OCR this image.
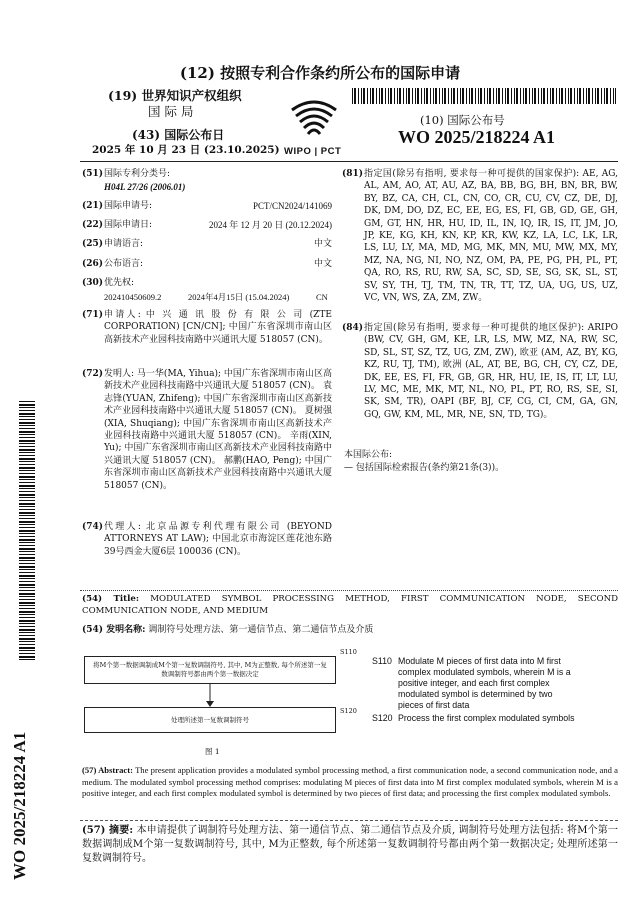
(12) 按照专利合作条约所公布的国际申请
(19) 世界知识产权组织
国 际 局
(43) 国际公布日
2025 年 10 月 23 日 (23.10.2025) WIPO | PCT
(10) 国际公布号
WO 2025/218224 A1
WO 2025/218224 A1
(51) 国际专利分类号:
H04L 27/26 (2006.01)
(21) 国际申请号:	PCT/CN2024/141069
(22) 国际申请日:	2024 年 12 月 20 日 (20.12.2024)
(25) 申请语言:	中文
(26) 公布语言:	中文
(30) 优先权:
202410450609.2	2024年4月15日 (15.04.2024)	CN
(71) 申请人: 中 兴 通 讯 股 份 有 限 公 司 (ZTE CORPORATION) [CN/CN]; 中国广东省深圳市南山区高新技术产业园科技南路中兴通讯大厦 518057 (CN)。
(72) 发明人: 马一华(MA, Yihua); 中国广东省深圳市南山区高新技术产业园科技南路中兴通讯大厦 518057 (CN)。 袁志锋(YUAN, Zhifeng); 中国广东省深圳市南山区高新技术产业园科技南路中兴通讯大厦 518057 (CN)。 夏树强(XIA, Shuqiang); 中国广东省深圳市南山区高新技术产业园科技南路中兴通讯大厦 518057 (CN)。 辛雨(XIN, Yu); 中国广东省深圳市南山区高新技术产业园科技南路中兴通讯大厦 518057 (CN)。 郝鹏(HAO, Peng); 中国广东省深圳市南山区高新技术产业园科技南路中兴通讯大厦 518057 (CN)。
(74) 代理人: 北京品源专利代理有限公司 (BEYOND ATTORNEYS AT LAW); 中国北京市海淀区莲花池东路39号西金大厦6层 100036 (CN)。
(81) 指定国(除另有指明, 要求每一种可提供的国家保护): AE, AG, AL, AM, AO, AT, AU, AZ, BA, BB, BG, BH, BN, BR, BW, BY, BZ, CA, CH, CL, CN, CO, CR, CU, CV, CZ, DE, DJ, DK, DM, DO, DZ, EC, EE, EG, ES, FI, GB, GD, GE, GH, GM, GT, HN, HR, HU, ID, IL, IN, IQ, IR, IS, IT, JM, JO, JP, KE, KG, KH, KN, KP, KR, KW, KZ, LA, LC, LK, LR, LS, LU, LY, MA, MD, MG, MK, MN, MU, MW, MX, MY, MZ, NA, NG, NI, NO, NZ, OM, PA, PE, PG, PH, PL, PT, QA, RO, RS, RU, RW, SA, SC, SD, SE, SG, SK, SL, ST, SV, SY, TH, TJ, TM, TN, TR, TT, TZ, UA, UG, US, UZ, VC, VN, WS, ZA, ZM, ZW。
(84) 指定国(除另有指明, 要求每一种可提供的地区保护): ARIPO (BW, CV, GH, GM, KE, LR, LS, MW, MZ, NA, RW, SC, SD, SL, ST, SZ, TZ, UG, ZM, ZW), 欧亚 (AM, AZ, BY, KG, KZ, RU, TJ, TM), 欧洲 (AL, AT, BE, BG, CH, CY, CZ, DE, DK, EE, ES, FI, FR, GB, GR, HR, HU, IE, IS, IT, LT, LU, LV, MC, ME, MK, MT, NL, NO, PL, PT, RO, RS, SE, SI, SK, SM, TR), OAPI (BF, BJ, CF, CG, CI, CM, GA, GN, GQ, GW, KM, ML, MR, NE, SN, TD, TG)。
本国际公布:
— 包括国际检索报告(条约第21条(3))。
(54) Title: MODULATED SYMBOL PROCESSING METHOD, FIRST COMMUNICATION NODE, SECOND COMMUNICATION NODE, AND MEDIUM
(54) 发明名称: 调制符号处理方法、第一通信节点、第二通信节点及介质
将M个第一数据调制成M个第一复数调制符号, 其中, M为正整数, 每个所述第一复数调制符号都由两个第一数据决定
S110
处理所述第一复数调制符号
S120
图 1
S110 Modulate M pieces of first data into M first complex modulated symbols, wherein M is a positive integer, and each first complex modulated symbol is determined by two pieces of first data
S120 Process the first complex modulated symbols
(57) Abstract: The present application provides a modulated symbol processing method, a first communication node, a second communication node, and a medium. The modulated symbol processing method comprises: modulating M pieces of first data into M first complex modulated symbols, wherein M is a positive integer, and each first complex modulated symbol is determined by two pieces of first data; and processing the first complex modulated symbols.
(57) 摘要: 本申请提供了调制符号处理方法、第一通信节点、第二通信节点及介质, 调制符号处理方法包括: 将M个第一数据调制成M个第一复数调制符号, 其中, M为正整数, 每个所述第一复数调制符号都由两个第一数据决定; 处理所述第一复数调制符号。
